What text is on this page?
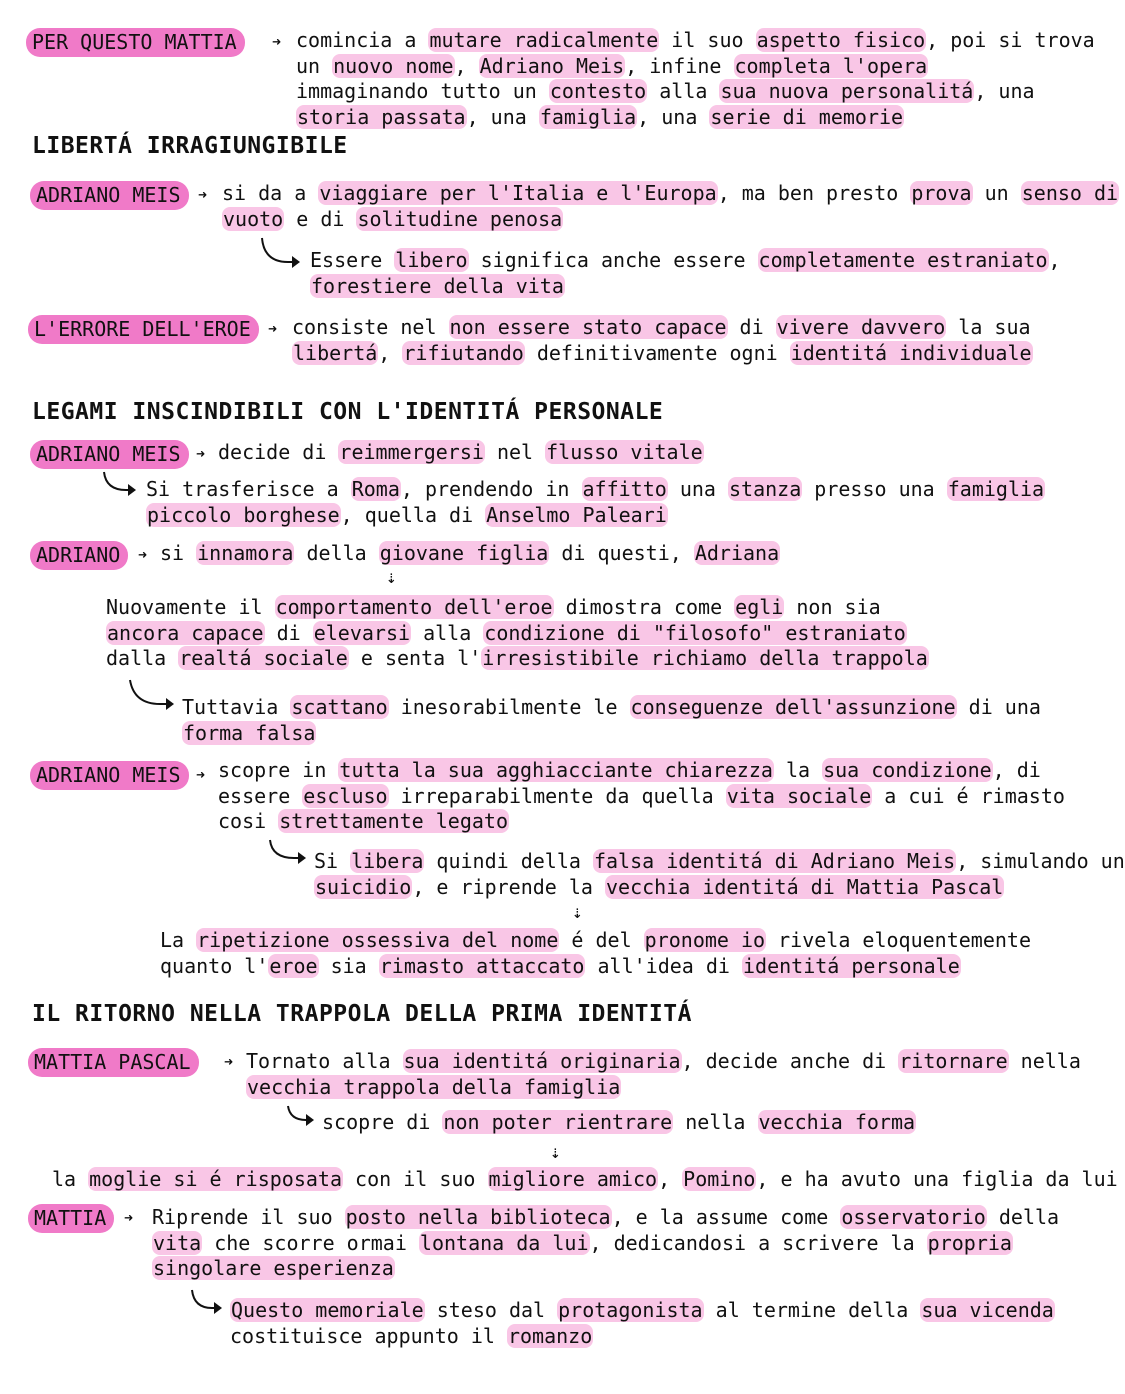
PER QUESTO MATTIA	➜ comincia a mutare radicalmente il suo aspetto fisico, poi si trova
un nuovo nome, Adriano Meis, infine completa l'opera
immaginando tutto un contesto alla sua nuova personalitá, una
storia passata, una famiglia, una serie di memorie
LIBERTÁ IRRAGIUNGIBILE
ADRIANO MEIS	➜ si da a viaggiare per l'Italia e l'Europa, ma ben presto prova un senso di
vuoto e di solitudine penosa
Essere libero significa anche essere completamente estraniato,
forestiere della vita
L'ERRORE DELL'EROE	➜ consiste nel non essere stato capace di vivere davvero la sua
libertá, rifiutando definitivamente ogni identitá individuale
LEGAMI INSCINDIBILI CON L'IDENTITÁ PERSONALE
ADRIANO MEIS	➜ decide di reimmergersi nel flusso vitale
Si trasferisce a Roma, prendendo in affitto una stanza presso una famiglia
piccolo borghese, quella di Anselmo Paleari
ADRIANO	➜ si innamora della giovane figlia di questi, Adriana
⇣
Nuovamente il comportamento dell'eroe dimostra come egli non sia
ancora capace di elevarsi alla condizione di "filosofo" estraniato
dalla realtá sociale e senta l'irresistibile richiamo della trappola
Tuttavia scattano inesorabilmente le conseguenze dell'assunzione di una
forma falsa
ADRIANO MEIS	➜ scopre in tutta la sua agghiacciante chiarezza la sua condizione, di
essere escluso irreparabilmente da quella vita sociale a cui é rimasto
cosi strettamente legato
Si libera quindi della falsa identitá di Adriano Meis, simulando un
suicidio, e riprende la vecchia identitá di Mattia Pascal
⇣
La ripetizione ossessiva del nome é del pronome io rivela eloquentemente
quanto l'eroe sia rimasto attaccato all'idea di identitá personale
IL RITORNO NELLA TRAPPOLA DELLA PRIMA IDENTITÁ
MATTIA PASCAL	➜ Tornato alla sua identitá originaria, decide anche di ritornare nella
vecchia trappola della famiglia
scopre di non poter rientrare nella vecchia forma
⇣
la moglie si é risposata con il suo migliore amico, Pomino, e ha avuto una figlia da lui
MATTIA	➜ Riprende il suo posto nella biblioteca, e la assume come osservatorio della
vita che scorre ormai lontana da lui, dedicandosi a scrivere la propria
singolare esperienza
Questo memoriale steso dal protagonista al termine della sua vicenda
costituisce appunto il romanzo
